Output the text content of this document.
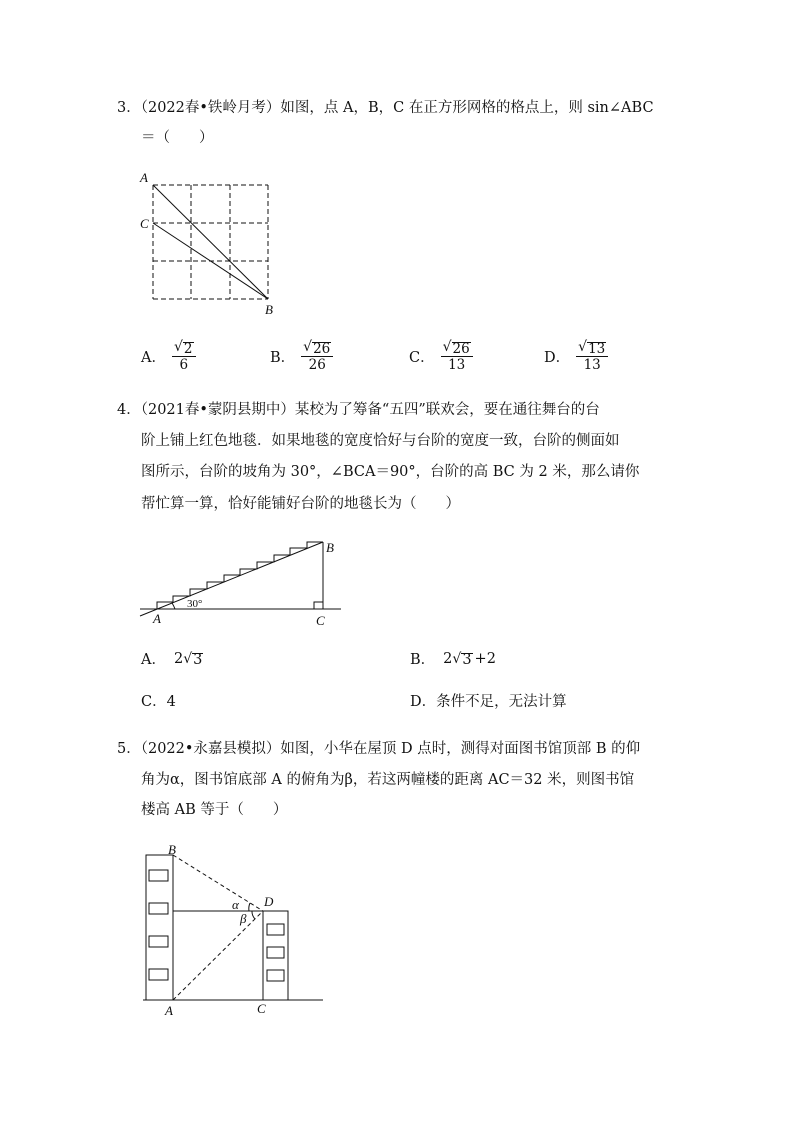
3．（2022春•铁岭月考）如图，点 A，B，C 在正方形网格的格点上，则 sin∠ABC
＝（　　）
A
C
B
A． $\frac{√ 2}{6}$	B． $\frac{√ 26}{26}$	C． $\frac{√ 26}{13}$	D． $\frac{√ 13}{13}$
4．（2021春•蒙阴县期中）某校为了筹备“五四”联欢会，要在通往舞台的台
阶上铺上红色地毯．如果地毯的宽度恰好与台阶的宽度一致，台阶的侧面如
图所示，台阶的坡角为 30°，∠BCA＝90°，台阶的高 BC 为 2 米，那么请你
帮忙算一算，恰好能铺好台阶的地毯长为（　　）
30°
A
B
C
A． 2 √ 3	B． 2 √ 3 +2
C．4	D．条件不足，无法计算
5．（2022•永嘉县模拟）如图，小华在屋顶 D 点时，测得对面图书馆顶部 B 的仰
角为α，图书馆底部 A 的俯角为β，若这两幢楼的距离 AC＝32 米，则图书馆
楼高 AB 等于（　　）
B
D
α
β
A	C
